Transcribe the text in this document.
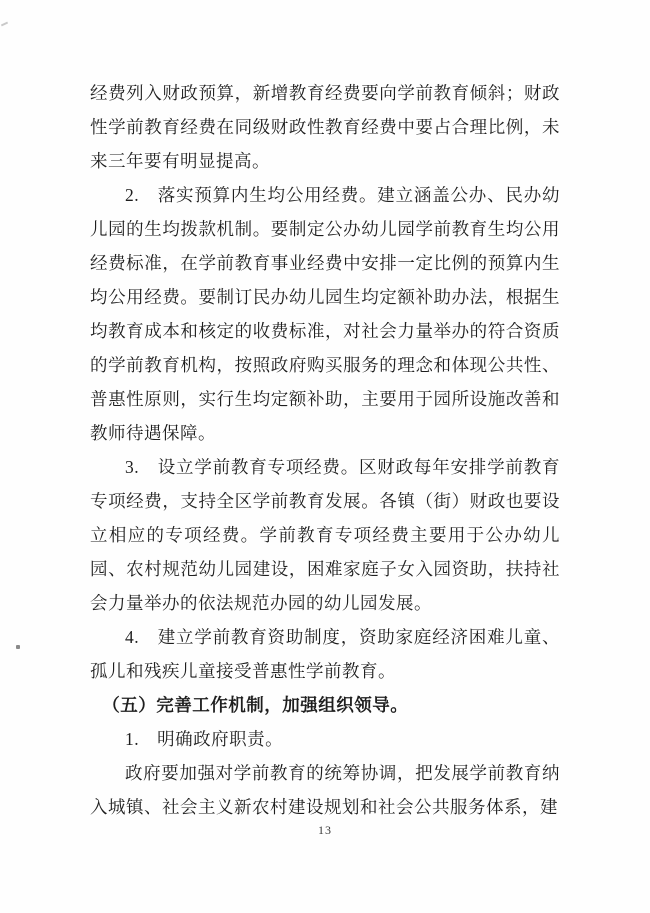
经费列入财政预算，新增教育经费要向学前教育倾斜；财政性学前教育经费在同级财政性教育经费中要占合理比例，未来三年要有明显提高。

2.　落实预算内生均公用经费。建立涵盖公办、民办幼儿园的生均拨款机制。要制定公办幼儿园学前教育生均公用经费标准，在学前教育事业经费中安排一定比例的预算内生均公用经费。要制订民办幼儿园生均定额补助办法，根据生均教育成本和核定的收费标准，对社会力量举办的符合资质的学前教育机构，按照政府购买服务的理念和体现公共性、普惠性原则，实行生均定额补助，主要用于园所设施改善和教师待遇保障。

3.　设立学前教育专项经费。区财政每年安排学前教育专项经费，支持全区学前教育发展。各镇（街）财政也要设立相应的专项经费。学前教育专项经费主要用于公办幼儿园、农村规范幼儿园建设，困难家庭子女入园资助，扶持社会力量举办的依法规范办园的幼儿园发展。

4.　建立学前教育资助制度，资助家庭经济困难儿童、孤儿和残疾儿童接受普惠性学前教育。

（五）完善工作机制，加强组织领导。

1.　明确政府职责。

政府要加强对学前教育的统筹协调，把发展学前教育纳入城镇、社会主义新农村建设规划和社会公共服务体系，建

13
